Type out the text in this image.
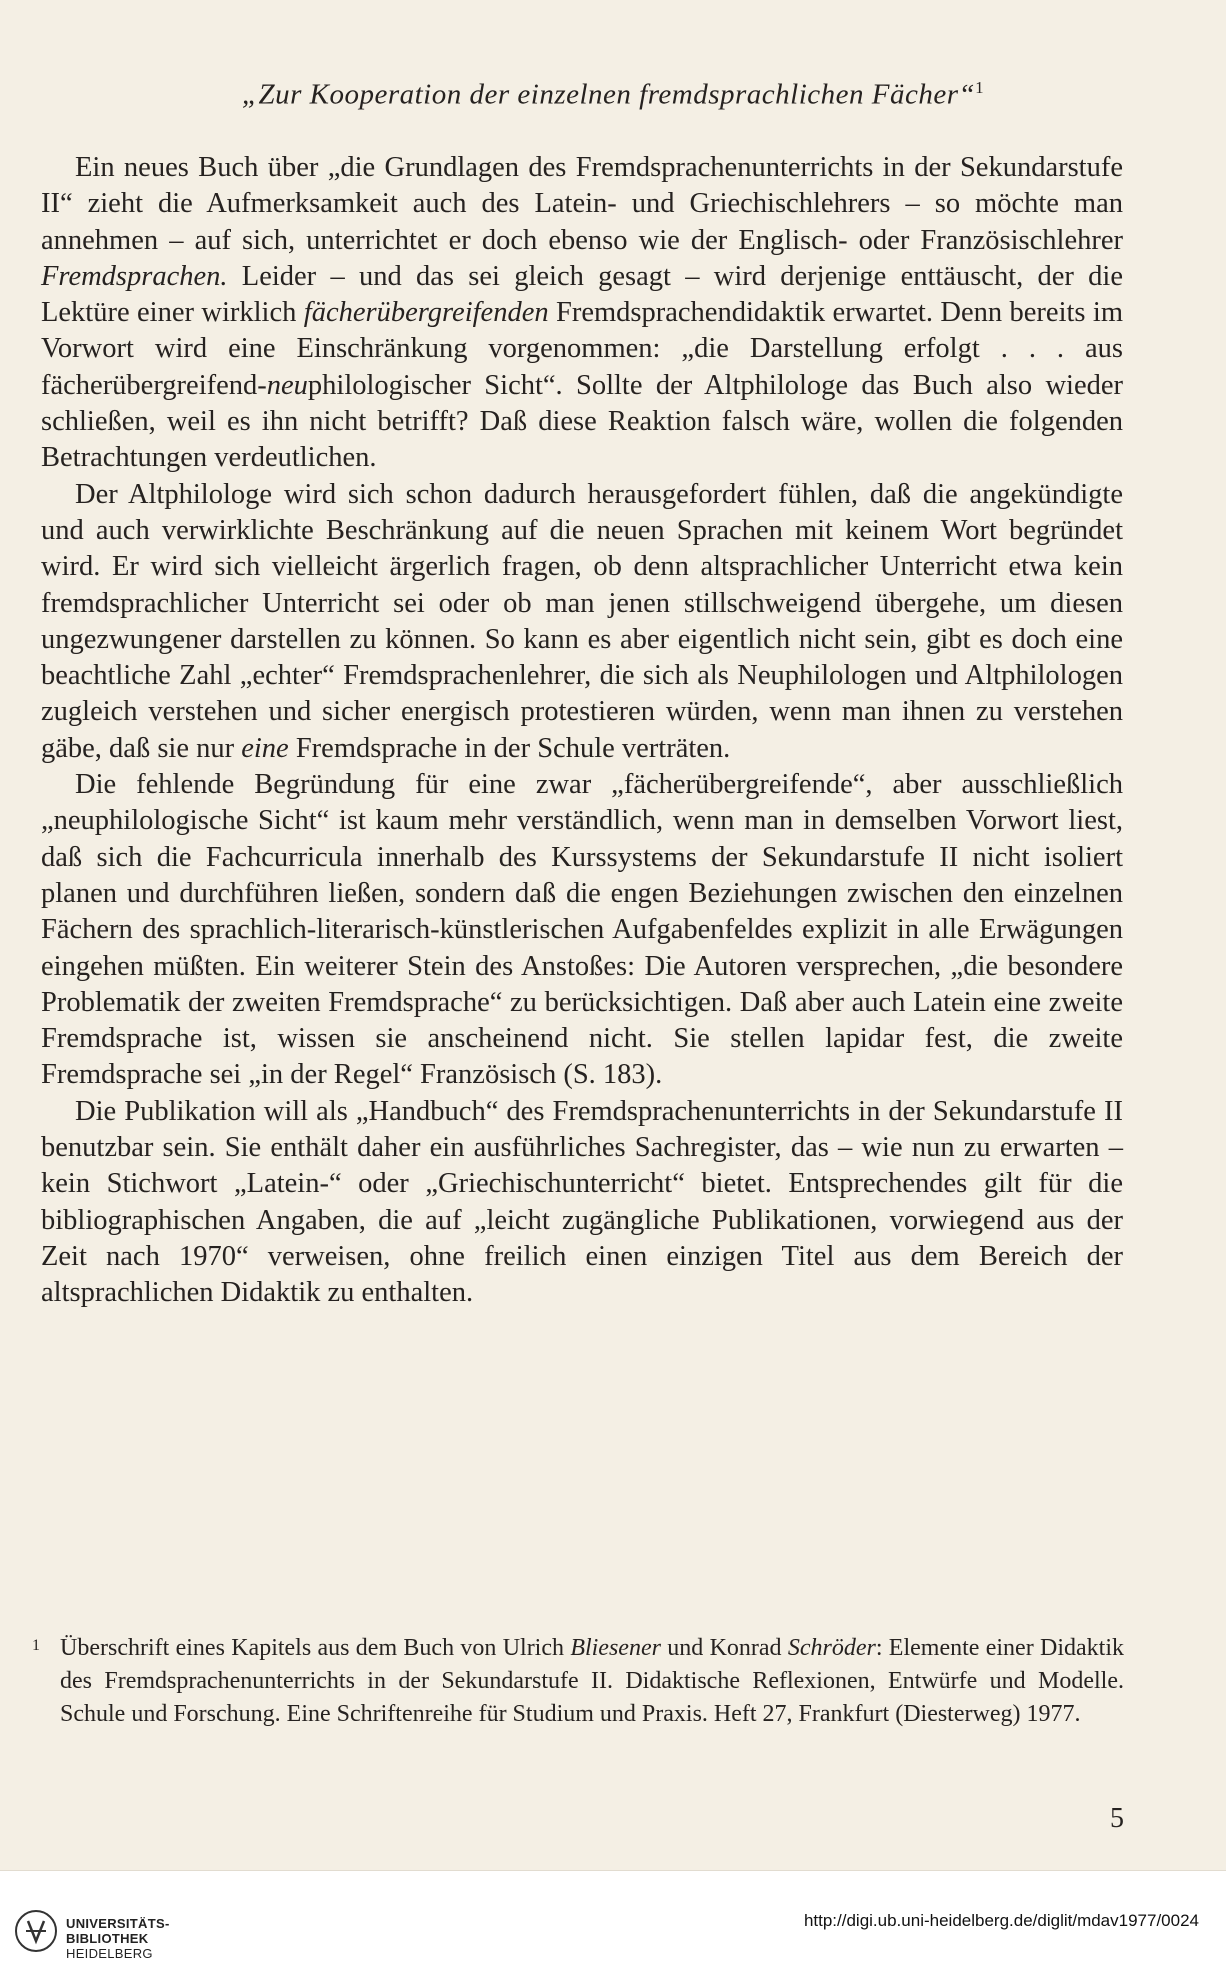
„Zur Kooperation der einzelnen fremdsprachlichen Fächer“$^1$

Ein neues Buch über „die Grundlagen des Fremdsprachenunterrichts in der Sekundarstufe II“ zieht die Aufmerksamkeit auch des Latein- und Griechischlehrers – so möchte man annehmen – auf sich, unterrichtet er doch ebenso wie der Englisch- oder Französischlehrer Fremdsprachen. Leider – und das sei gleich gesagt – wird derjenige enttäuscht, der die Lektüre einer wirklich fächerübergreifenden Fremdsprachendidaktik erwartet. Denn bereits im Vorwort wird eine Einschränkung vorgenommen: „die Darstellung erfolgt . . . aus fächerübergreifend-neuphilologischer Sicht“. Sollte der Altphilologe das Buch also wieder schließen, weil es ihn nicht betrifft? Daß diese Reaktion falsch wäre, wollen die folgenden Betrachtungen verdeutlichen.

Der Altphilologe wird sich schon dadurch herausgefordert fühlen, daß die angekündigte und auch verwirklichte Beschränkung auf die neuen Sprachen mit keinem Wort begründet wird. Er wird sich vielleicht ärgerlich fragen, ob denn altsprachlicher Unterricht etwa kein fremdsprachlicher Unterricht sei oder ob man jenen stillschweigend übergehe, um diesen ungezwungener darstellen zu können. So kann es aber eigentlich nicht sein, gibt es doch eine beachtliche Zahl „echter“ Fremdsprachenlehrer, die sich als Neuphilologen und Altphilologen zugleich verstehen und sicher energisch protestieren würden, wenn man ihnen zu verstehen gäbe, daß sie nur eine Fremdsprache in der Schule verträten.

Die fehlende Begründung für eine zwar „fächerübergreifende“, aber ausschließlich „neuphilologische Sicht“ ist kaum mehr verständlich, wenn man in demselben Vorwort liest, daß sich die Fachcurricula innerhalb des Kurssystems der Sekundarstufe II nicht isoliert planen und durchführen ließen, sondern daß die engen Beziehungen zwischen den einzelnen Fächern des sprachlich-literarisch-künstlerischen Aufgabenfeldes explizit in alle Erwägungen eingehen müßten. Ein weiterer Stein des Anstoßes: Die Autoren versprechen, „die besondere Problematik der zweiten Fremdsprache“ zu berücksichtigen. Daß aber auch Latein eine zweite Fremdsprache ist, wissen sie anscheinend nicht. Sie stellen lapidar fest, die zweite Fremdsprache sei „in der Regel“ Französisch (S. 183).

Die Publikation will als „Handbuch“ des Fremdsprachenunterrichts in der Sekundarstufe II benutzbar sein. Sie enthält daher ein ausführliches Sachregister, das – wie nun zu erwarten – kein Stichwort „Latein-“ oder „Griechischunterricht“ bietet. Entsprechendes gilt für die bibliographischen Angaben, die auf „leicht zugängliche Publikationen, vorwiegend aus der Zeit nach 1970“ verweisen, ohne freilich einen einzigen Titel aus dem Bereich der altsprachlichen Didaktik zu enthalten.

1 Überschrift eines Kapitels aus dem Buch von Ulrich Bliesener und Konrad Schröder: Elemente einer Didaktik des Fremdsprachenunterrichts in der Sekundarstufe II. Didaktische Reflexionen, Entwürfe und Modelle. Schule und Forschung. Eine Schriftenreihe für Studium und Praxis. Heft 27, Frankfurt (Diesterweg) 1977.
5
UNIVERSITÄTS-
BIBLIOTHEK
HEIDELBERG
http://digi.ub.uni-heidelberg.de/diglit/mdav1977/0024
